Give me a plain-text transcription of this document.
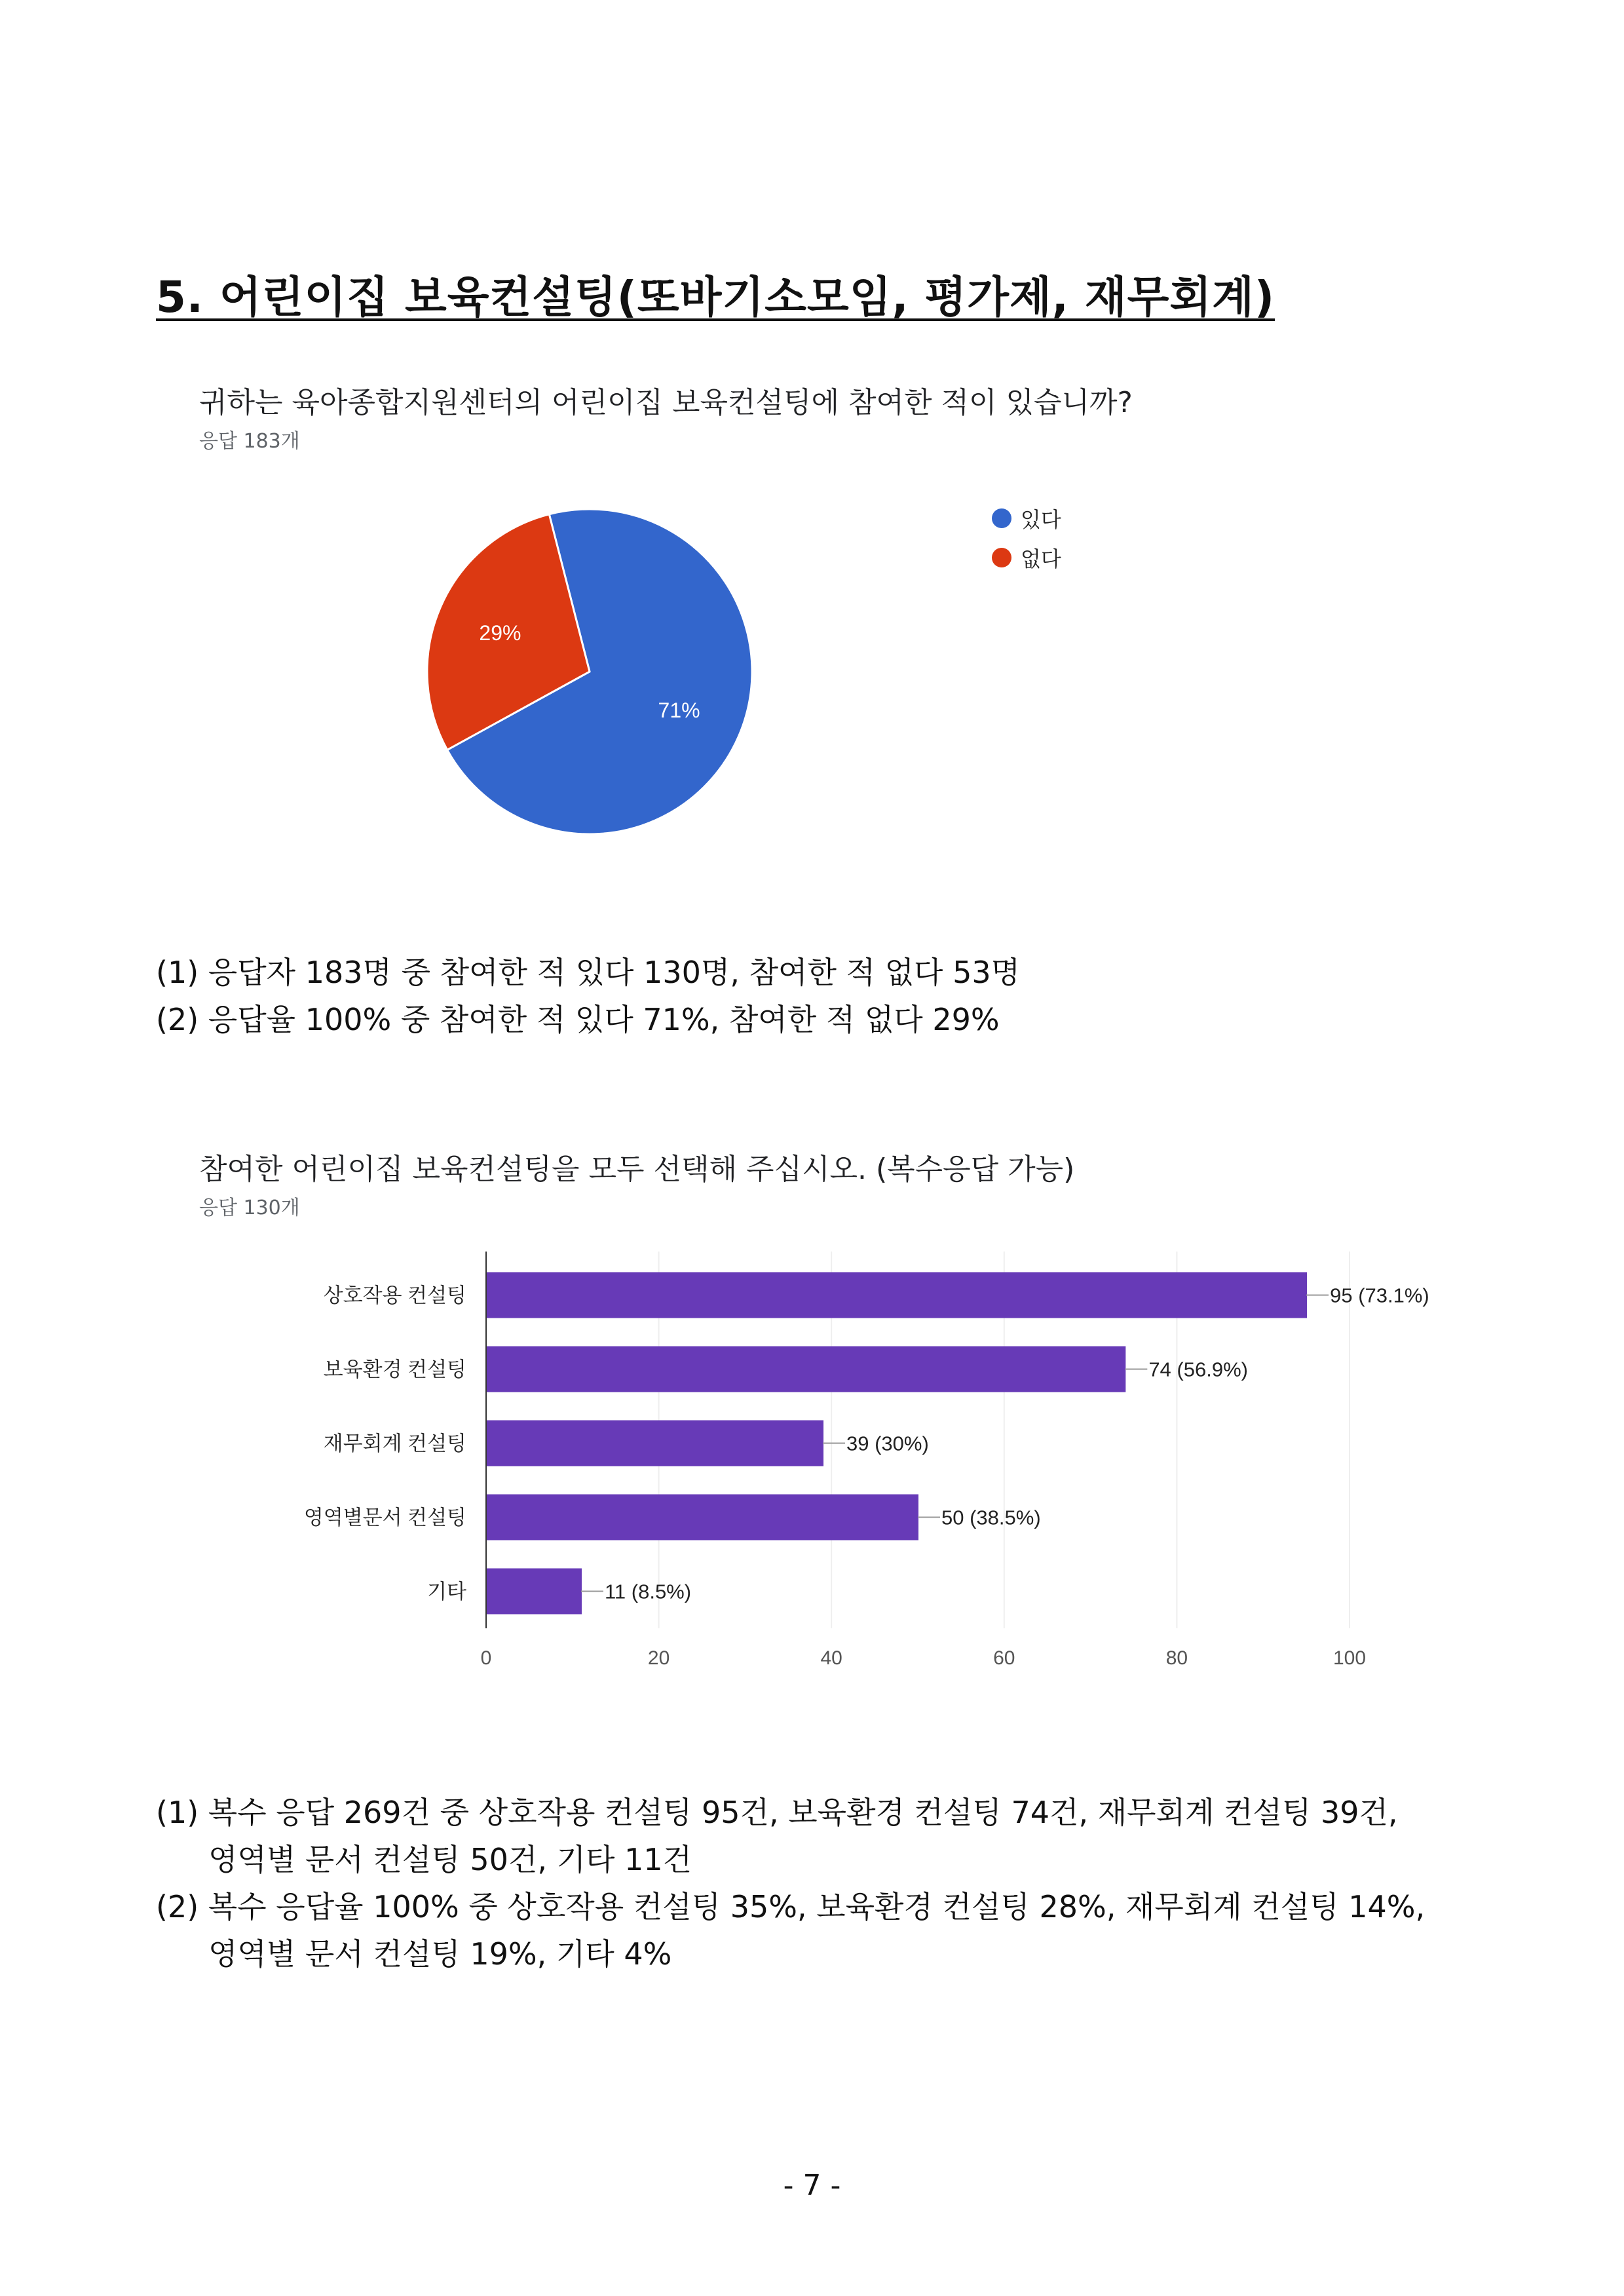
5. 어린이집 보육컨설팅(또바기소모임, 평가제, 재무회계)
귀하는 육아종합지원센터의 어린이집 보육컨설팅에 참여한 적이 있습니까?
응답 183개
71%
29%
있다
없다
(1) 응답자 183명 중 참여한 적 있다 130명, 참여한 적 없다 53명
(2) 응답율 100% 중 참여한 적 있다 71%, 참여한 적 없다 29%
참여한 어린이집 보육컨설팅을 모두 선택해 주십시오. (복수응답 가능)
응답 130개
상호작용 컨설팅	95 (73.1%)
보육환경 컨설팅	74 (56.9%)
재무회계 컨설팅	39 (30%)
영역별문서 컨설팅	50 (38.5%)
기타	11 (8.5%)
0	20	40	60	80	100
(1) 복수 응답 269건 중 상호작용 컨설팅 95건, 보육환경 컨설팅 74건, 재무회계 컨설팅 39건,
영역별 문서 컨설팅 50건, 기타 11건
(2) 복수 응답율 100% 중 상호작용 컨설팅 35%, 보육환경 컨설팅 28%, 재무회계 컨설팅 14%,
영역별 문서 컨설팅 19%, 기타 4%
- 7 -
